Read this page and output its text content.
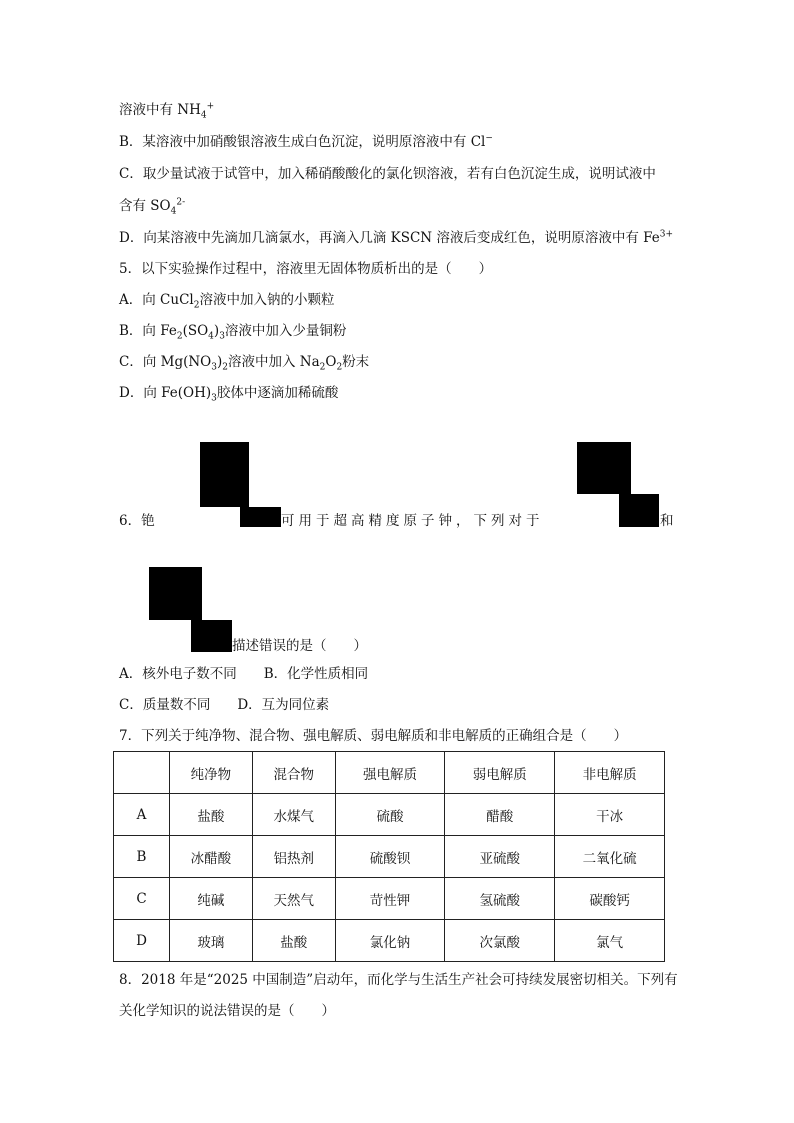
溶液中有 $NH_4^+$
B．某溶液中加硝酸银溶液生成白色沉淀，说明原溶液中有 Cl−
C．取少量试液于试管中，加入稀硝酸酸化的氯化钡溶液，若有白色沉淀生成，说明试液中
含有 $SO_4^{2-}$
D．向某溶液中先滴加几滴氯水，再滴入几滴 KSCN 溶液后变成红色，说明原溶液中有 $Fe^{3+}$
5．以下实验操作过程中，溶液里无固体物质析出的是（　　）
A．向 CuCl$_2$溶液中加入钠的小颗粒
B．向 $Fe_2(SO_4)_3$溶液中加入少量铜粉
C．向 $Mg(NO_3)_2$溶液中加入 $Na_2O_2$粉末
D．向 $Fe(OH)_3$胶体中逐滴加稀硫酸
6．铯	可用于超高精度原子钟，下列对于	和
描述错误的是（　　）
A．核外电子数不同　　B．化学性质相同
C．质量数不同　　D．互为同位素
7．下列关于纯净物、混合物、强电解质、弱电解质和非电解质的正确组合是（　　）
	纯净物	混合物	强电解质	弱电解质	非电解质
A	盐酸	水煤气	硫酸	醋酸	干冰
B	冰醋酸	铝热剂	硫酸钡	亚硫酸	二氧化硫
C	纯碱	天然气	苛性钾	氢硫酸	碳酸钙
D	玻璃	盐酸	氯化钠	次氯酸	氯气
8．2018 年是“2025 中国制造”启动年，而化学与生活生产社会可持续发展密切相关。下列有
关化学知识的说法错误的是（　　）
